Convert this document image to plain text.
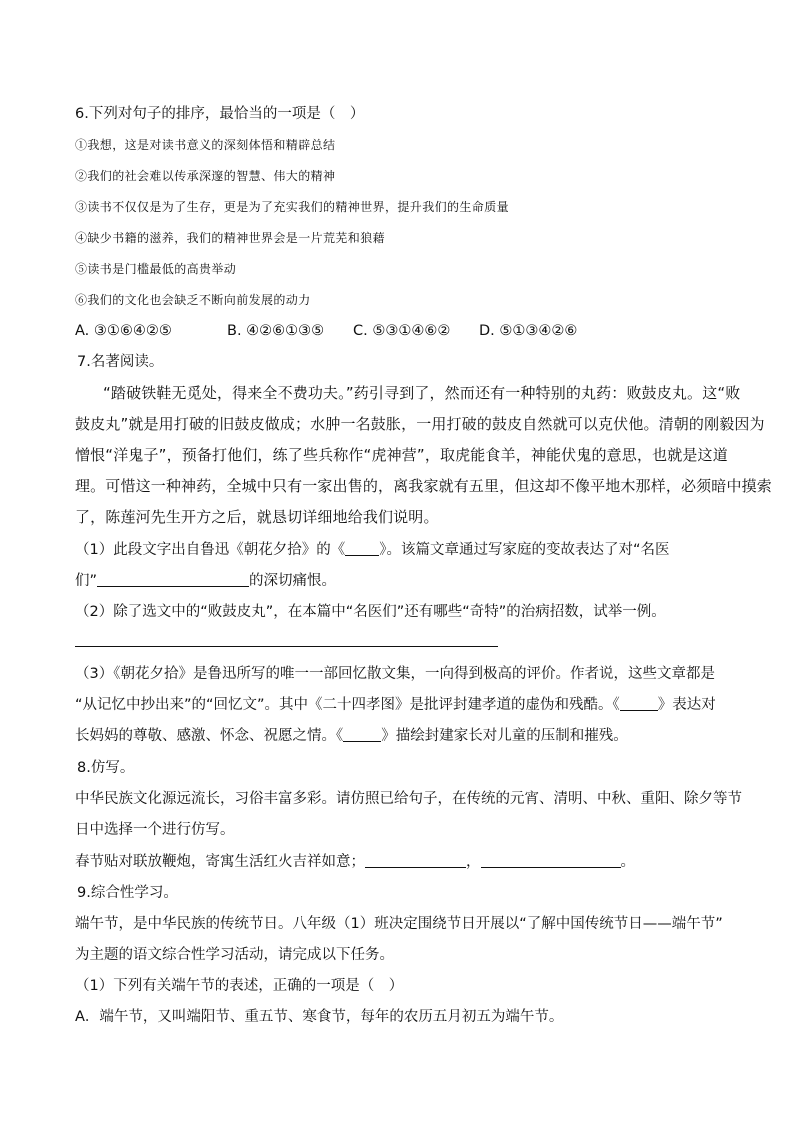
6.下列对句子的排序，最恰当的一项是（　）
①我想，这是对读书意义的深刻体悟和精辟总结
②我们的社会难以传承深邃的智慧、伟大的精神
③读书不仅仅是为了生存，更是为了充实我们的精神世界，提升我们的生命质量
④缺少书籍的滋养，我们的精神世界会是一片荒芜和狼藉
⑤读书是门槛最低的高贵举动
⑥我们的文化也会缺乏不断向前发展的动力
A. ③①⑥④②⑤	B. ④②⑥①③⑤ C. ⑤③①④⑥② D. ⑤①③④②⑥
7.名著阅读。
“踏破铁鞋无觅处，得来全不费功夫。”药引寻到了，然而还有一种特别的丸药：败鼓皮丸。这“败
鼓皮丸”就是用打破的旧鼓皮做成；水肿一名鼓胀，一用打破的鼓皮自然就可以克伏他。清朝的刚毅因为
憎恨“洋鬼子”，预备打他们，练了些兵称作“虎神营”，取虎能食羊，神能伏鬼的意思，也就是这道
理。可惜这一种神药，全城中只有一家出售的，离我家就有五里，但这却不像平地木那样，必须暗中摸索
了，陈莲河先生开方之后，就恳切详细地给我们说明。
（1）此段文字出自鲁迅《朝花夕拾》的《 》。该篇文章通过写家庭的变故表达了对“名医
们”	的深切痛恨。
（2）除了选文中的“败鼓皮丸”，在本篇中“名医们”还有哪些“奇特”的治病招数，试举一例。
（3）《朝花夕拾》是鲁迅所写的唯一一部回忆散文集，一向得到极高的评价。作者说，这些文章都是
“从记忆中抄出来”的“回忆文”。其中《二十四孝图》是批评封建孝道的虚伪和残酷。《	》表达对
长妈妈的尊敬、感激、怀念、祝愿之情。《	》描绘封建家长对儿童的压制和摧残。
8.仿写。
中华民族文化源远流长，习俗丰富多彩。请仿照已给句子，在传统的元宵、清明、中秋、重阳、除夕等节
日中选择一个进行仿写。
春节贴对联放鞭炮，寄寓生活红火吉祥如意；	，	。
9.综合性学习。
端午节，是中华民族的传统节日。八年级（1）班决定围绕节日开展以“了解中国传统节日——端午节”
为主题的语文综合性学习活动，请完成以下任务。
（1）下列有关端午节的表述，正确的一项是（　）
A．端午节，又叫端阳节、重五节、寒食节，每年的农历五月初五为端午节。
